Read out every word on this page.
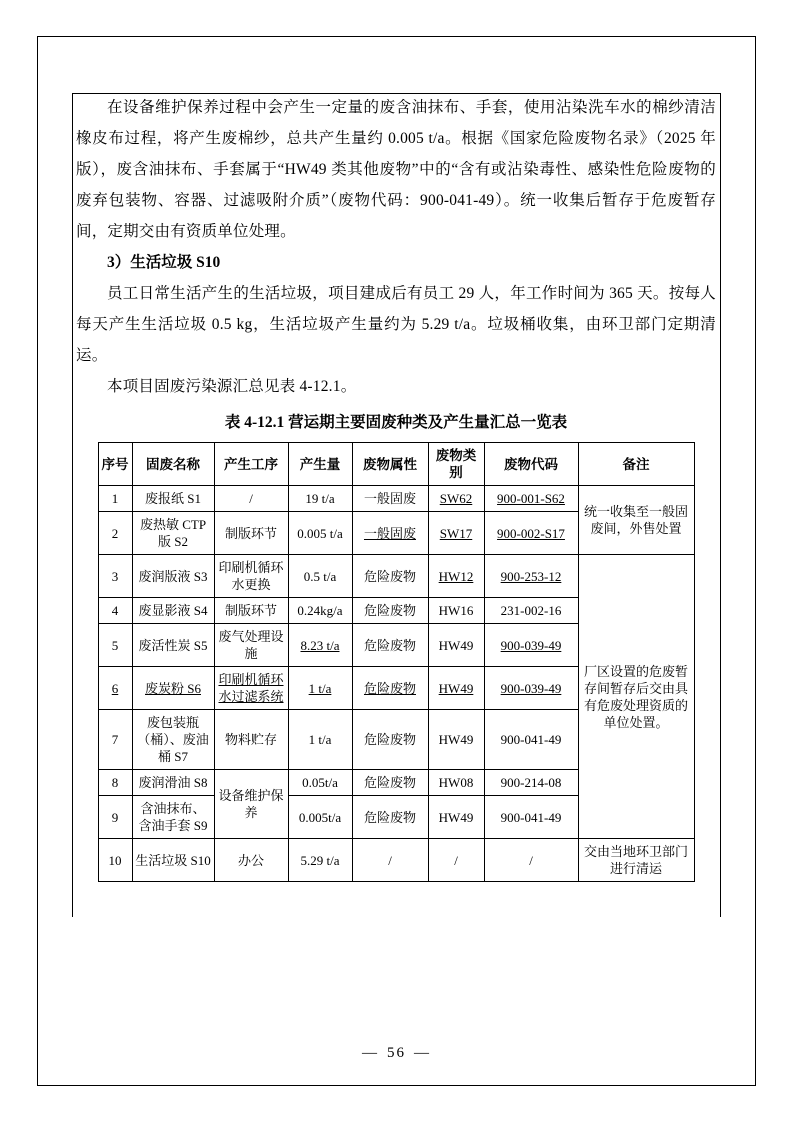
在设备维护保养过程中会产生一定量的废含油抹布、手套，使用沾染洗车水的棉纱清洁橡皮布过程，将产生废棉纱，总共产生量约 0.005 t/a。根据《国家危险废物名录》（2025 年版），废含油抹布、手套属于“HW49 类其他废物”中的“含有或沾染毒性、感染性危险废物的废弃包装物、容器、过滤吸附介质”（废物代码：900-041-49）。统一收集后暂存于危废暂存间，定期交由有资质单位处理。

3）生活垃圾 S10

员工日常生活产生的生活垃圾，项目建成后有员工 29 人，年工作时间为 365 天。按每人每天产生生活垃圾 0.5 kg，生活垃圾产生量约为 5.29 t/a。垃圾桶收集，由环卫部门定期清运。

本项目固废污染源汇总见表 4-12.1。

表 4-12.1 营运期主要固废种类及产生量汇总一览表
序号	固废名称	产生工序	产生量	废物属性	废物类别	废物代码	备注
1	废报纸 S1	/	19 t/a	一般固废	SW62	900-001-S62	统一收集至一般固废间，外售处置
2	废热敏 CTP 版 S2	制版环节	0.005 t/a	一般固废	SW17	900-002-S17	
3	废润版液 S3	印刷机循环水更换	0.5 t/a	危险废物	HW12	900-253-12	厂区设置的危废暂存间暂存后交由具有危废处理资质的单位处置。
4	废显影液 S4	制版环节	0.24kg/a	危险废物	HW16	231-002-16	
5	废活性炭 S5	废气处理设施	8.23 t/a	危险废物	HW49	900-039-49	
6	废炭粉 S6	印刷机循环水过滤系统	1 t/a	危险废物	HW49	900-039-49	
7	废包装瓶（桶）、废油桶 S7	物料贮存	1 t/a	危险废物	HW49	900-041-49	
8	废润滑油 S8	设备维护保养	0.05t/a	危险废物	HW08	900-214-08	
9	含油抹布、含油手套 S9		0.005t/a	危险废物	HW49	900-041-49	
10	生活垃圾 S10	办公	5.29 t/a	/	/	/	交由当地环卫部门进行清运
— 56 —
